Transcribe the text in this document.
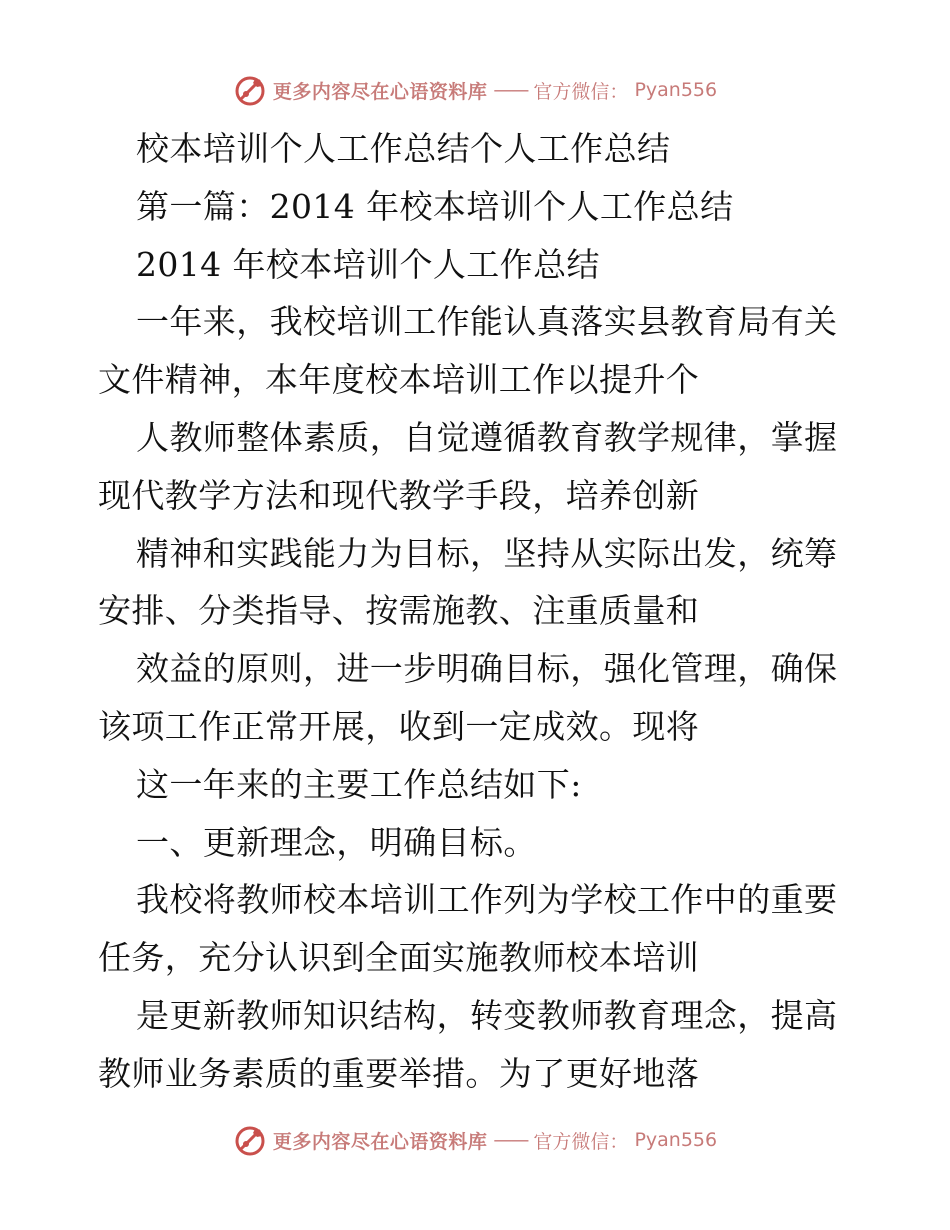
更多内容尽在心语资料库 —— 官方微信： Pyan556
校本培训个人工作总结个人工作总结
第一篇：2014 年校本培训个人工作总结
2014 年校本培训个人工作总结
一年来，我校培训工作能认真落实县教育局有关
文件精神，本年度校本培训工作以提升个
人教师整体素质，自觉遵循教育教学规律，掌握
现代教学方法和现代教学手段，培养创新
精神和实践能力为目标，坚持从实际出发，统筹
安排、分类指导、按需施教、注重质量和
效益的原则，进一步明确目标，强化管理，确保
该项工作正常开展，收到一定成效。现将
这一年来的主要工作总结如下:
一、更新理念，明确目标。
我校将教师校本培训工作列为学校工作中的重要
任务，充分认识到全面实施教师校本培训
是更新教师知识结构，转变教师教育理念，提高
教师业务素质的重要举措。为了更好地落
更多内容尽在心语资料库 —— 官方微信： Pyan556
